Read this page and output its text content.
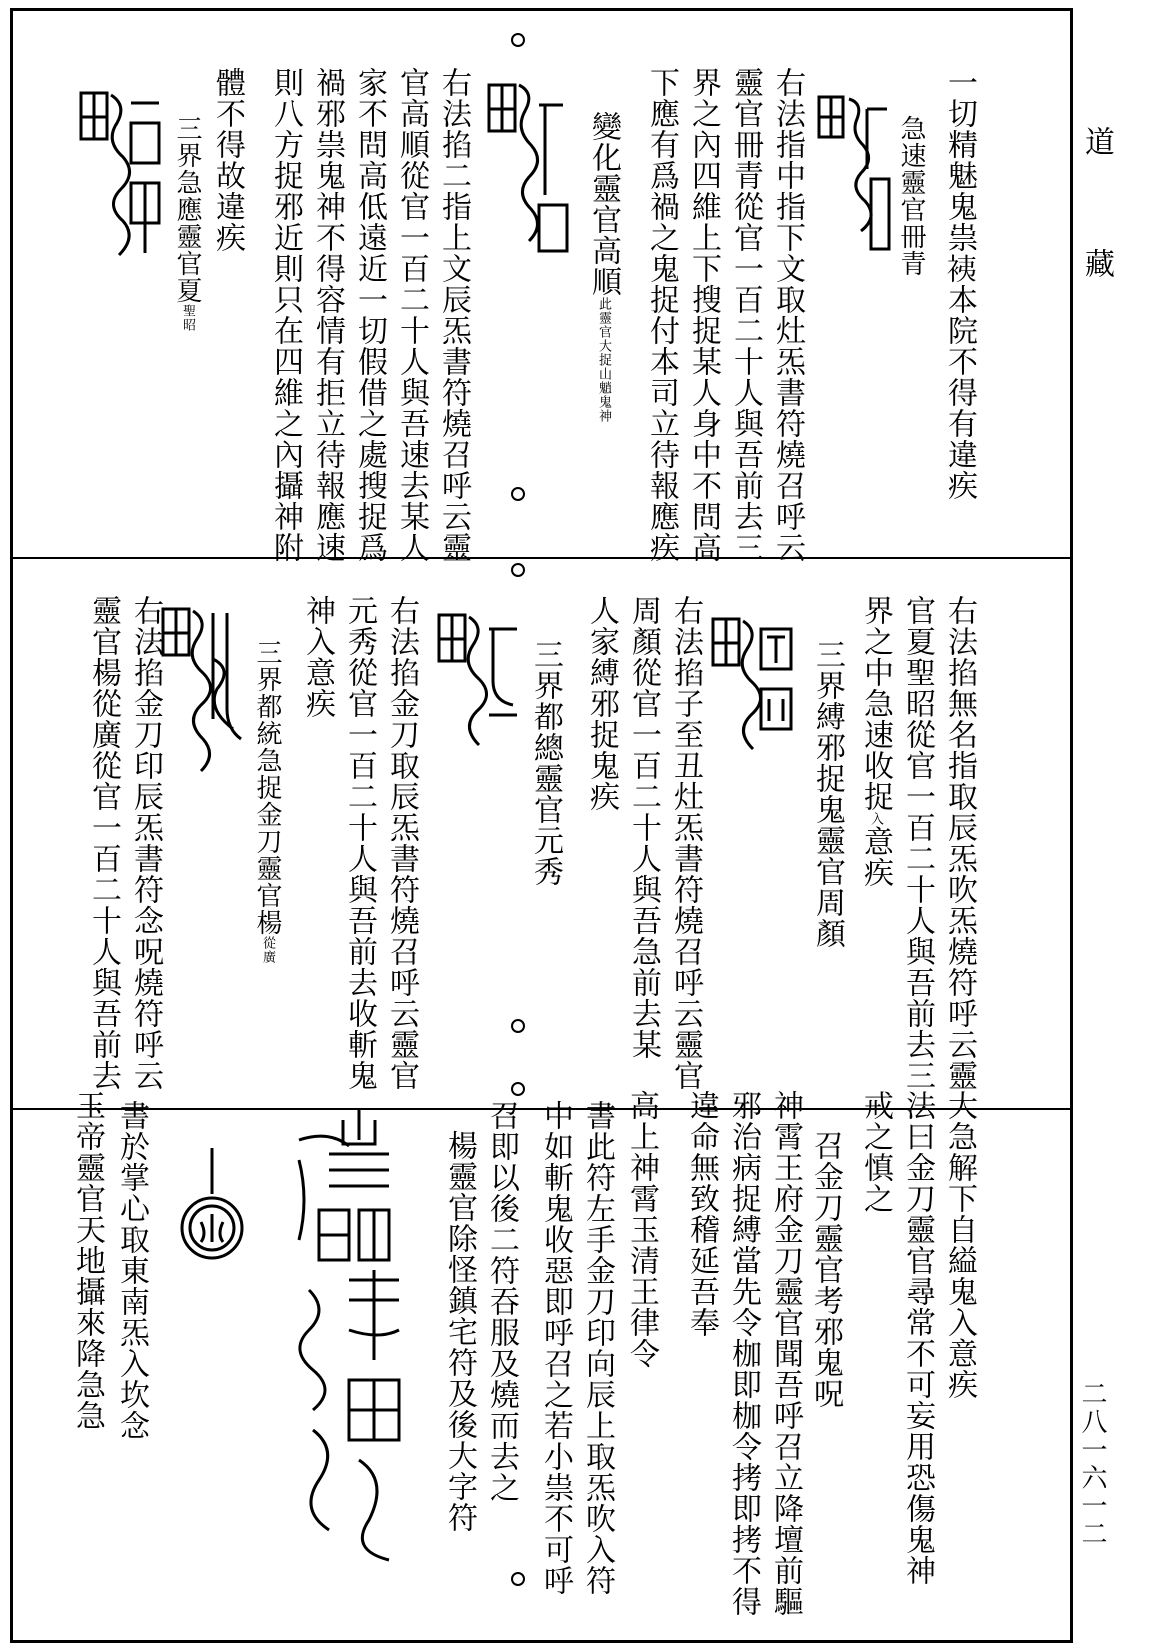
一切精魅鬼祟𧙣本院不得有違疾
急速靈官冊青
右法指中指下文取灶炁書符燒召呼云
靈官冊青從官一百二十人與吾前去三
界之內四維上下搜捉某人身中不問高
下應有爲禍之鬼捉付本司立待報應疾
變化靈官高順此靈官大捉山魈鬼神
右法掐二指上文辰炁書符燒召呼云靈
官高順從官一百二十人與吾速去某人
家不問高低遠近一切假借之處搜捉爲
禍邪祟鬼神不得容情有拒立待報應速
則八方捉邪近則只在四維之內攝神附
體不得故違疾
三界急應靈官夏聖昭
右法掐無名指取辰炁吹炁燒符呼云靈
官夏聖昭從官一百二十人與吾前去三
界之中急速收捉入意疾
三界縛邪捉鬼靈官周顏
右法掐子至丑灶炁書符燒召呼云靈官
周顏從官一百二十人與吾急前去某
人家縛邪捉鬼疾
三界都總靈官元秀
右法掐金刀取辰炁書符燒召呼云靈官
元秀從官一百二十人與吾前去收斬鬼
神入意疾
三界都統急捉金刀靈官楊從廣
右法掐金刀印辰炁書符念呪燒符呼云
靈官楊從廣從官一百二十人與吾前去
大急解下自縊鬼入意疾
法曰金刀靈官尋常不可妄用恐傷鬼神
戒之慎之
召金刀靈官考邪鬼呪
神霄王府金刀靈官聞吾呼召立降壇前驅
邪治病捉縛當先令枷即枷令拷即拷不得
違命無致稽延吾奉
高上神霄玉清王律令
書此符左手金刀印向辰上取炁吹入符
中如斬鬼收惡即呼召之若小祟不可呼
召即以後二符吞服及燒而去之
楊靈官除怪鎮宅符及後大字符
書於掌心取東南炁入坎念
玉帝靈官天地攝來降急急
道
藏
二八一六一二
